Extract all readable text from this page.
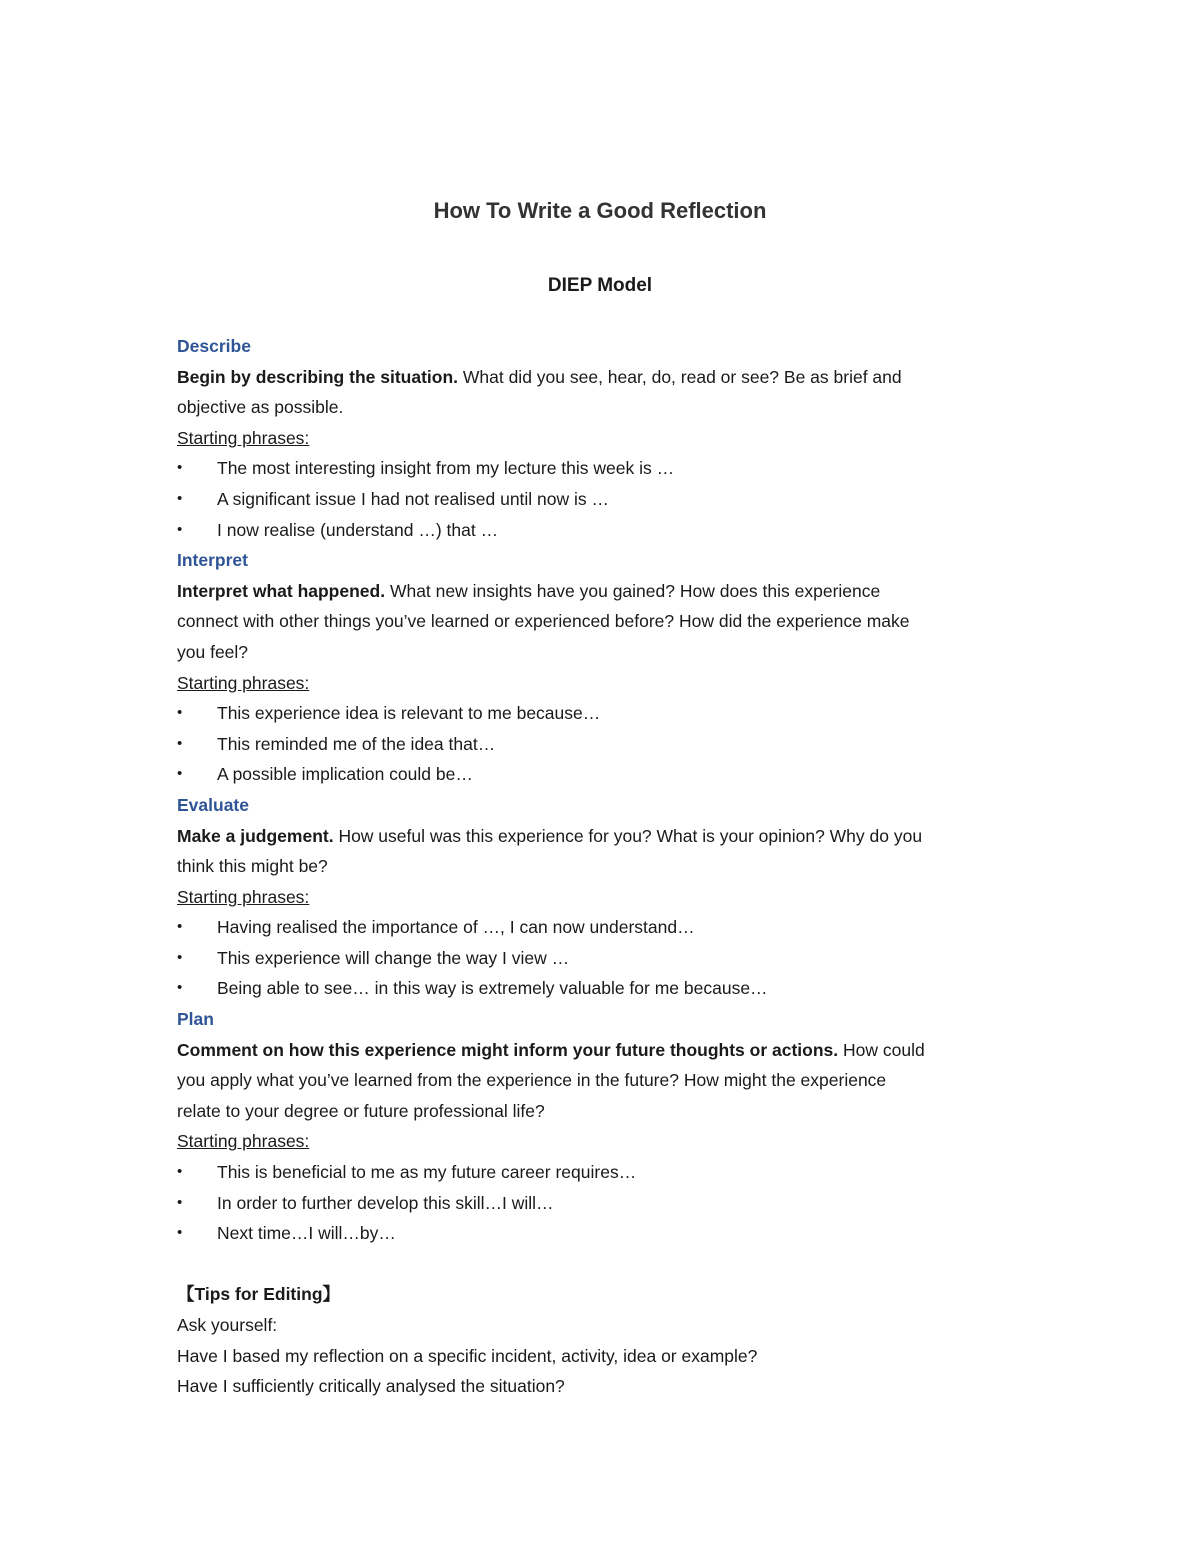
How To Write a Good Reflection
DIEP Model
Describe
Begin by describing the situation. What did you see, hear, do, read or see? Be as brief and
objective as possible.
Starting phrases:
•	The most interesting insight from my lecture this week is …
•	A significant issue I had not realised until now is …
•	I now realise (understand …) that …
Interpret
Interpret what happened. What new insights have you gained? How does this experience
connect with other things you’ve learned or experienced before? How did the experience make
you feel?
Starting phrases:
•	This experience idea is relevant to me because…
•	This reminded me of the idea that…
•	A possible implication could be…
Evaluate
Make a judgement. How useful was this experience for you? What is your opinion? Why do you
think this might be?
Starting phrases:
•	Having realised the importance of …, I can now understand…
•	This experience will change the way I view …
•	Being able to see… in this way is extremely valuable for me because…
Plan
Comment on how this experience might inform your future thoughts or actions. How could
you apply what you’ve learned from the experience in the future? How might the experience
relate to your degree or future professional life?
Starting phrases:
•	This is beneficial to me as my future career requires…
•	In order to further develop this skill…I will…
•	Next time…I will…by…
【Tips for Editing】
Ask yourself:
Have I based my reflection on a specific incident, activity, idea or example?
Have I sufficiently critically analysed the situation?
